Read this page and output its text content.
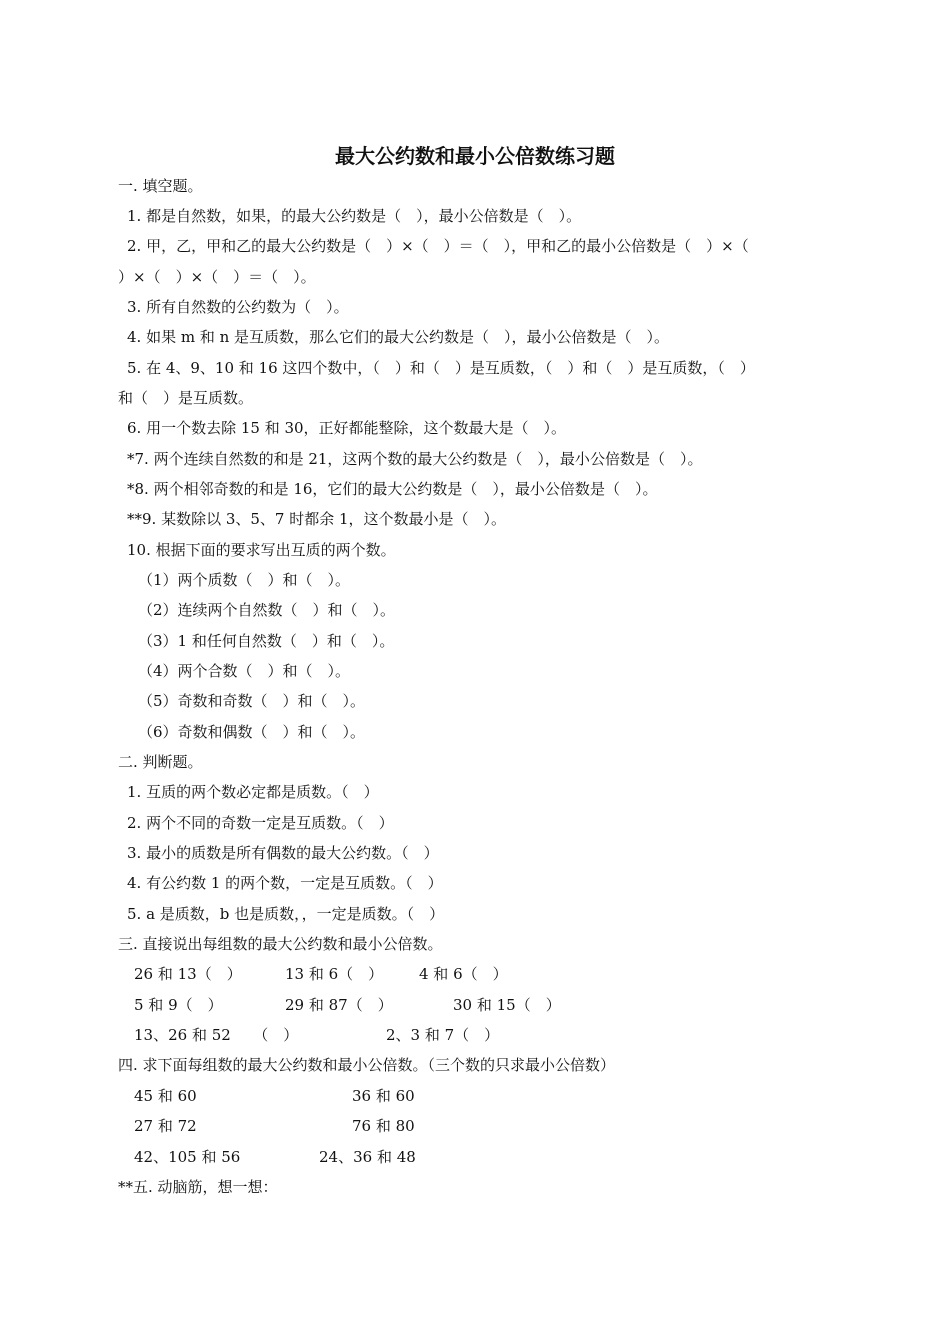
最大公约数和最小公倍数练习题
一. 填空题。
1. 都是自然数，如果，的最大公约数是（　），最小公倍数是（　）。
2. 甲，乙，甲和乙的最大公约数是（　）×（　）＝（　），甲和乙的最小公倍数是（　）×（
）×（　）×（　）＝（　）。
3. 所有自然数的公约数为（　）。
4. 如果 m 和 n 是互质数，那么它们的最大公约数是（　），最小公倍数是（　）。
5. 在 4、9、10 和 16 这四个数中，（　）和（　）是互质数，（　）和（　）是互质数，（　）
和（　）是互质数。
6. 用一个数去除 15 和 30，正好都能整除，这个数最大是（　）。
*7. 两个连续自然数的和是 21，这两个数的最大公约数是（　），最小公倍数是（　）。
*8. 两个相邻奇数的和是 16，它们的最大公约数是（　），最小公倍数是（　）。
**9. 某数除以 3、5、7 时都余 1，这个数最小是（　）。
10. 根据下面的要求写出互质的两个数。
（1）两个质数（　）和（　）。
（2）连续两个自然数（　）和（　）。
（3）1 和任何自然数（　）和（　）。
（4）两个合数（　）和（　）。
（5）奇数和奇数（　）和（　）。
（6）奇数和偶数（　）和（　）。
二. 判断题。
1. 互质的两个数必定都是质数。（　）
2. 两个不同的奇数一定是互质数。（　）
3. 最小的质数是所有偶数的最大公约数。（　）
4. 有公约数 1 的两个数，一定是互质数。（　）
5. a 是质数，b 也是质数，，一定是质数。（　）
三. 直接说出每组数的最大公约数和最小公倍数。
26 和 13（　）	13 和 6（　） 4 和 6（　）
5 和 9（　）	29 和 87（　）	30 和 15（　）
13、26 和 52　　（　）	2、3 和 7（　）
四. 求下面每组数的最大公约数和最小公倍数。（三个数的只求最小公倍数）
45 和 60	36 和 60
27 和 72	76 和 80
42、105 和 56	24、36 和 48
**五. 动脑筋，想一想：
